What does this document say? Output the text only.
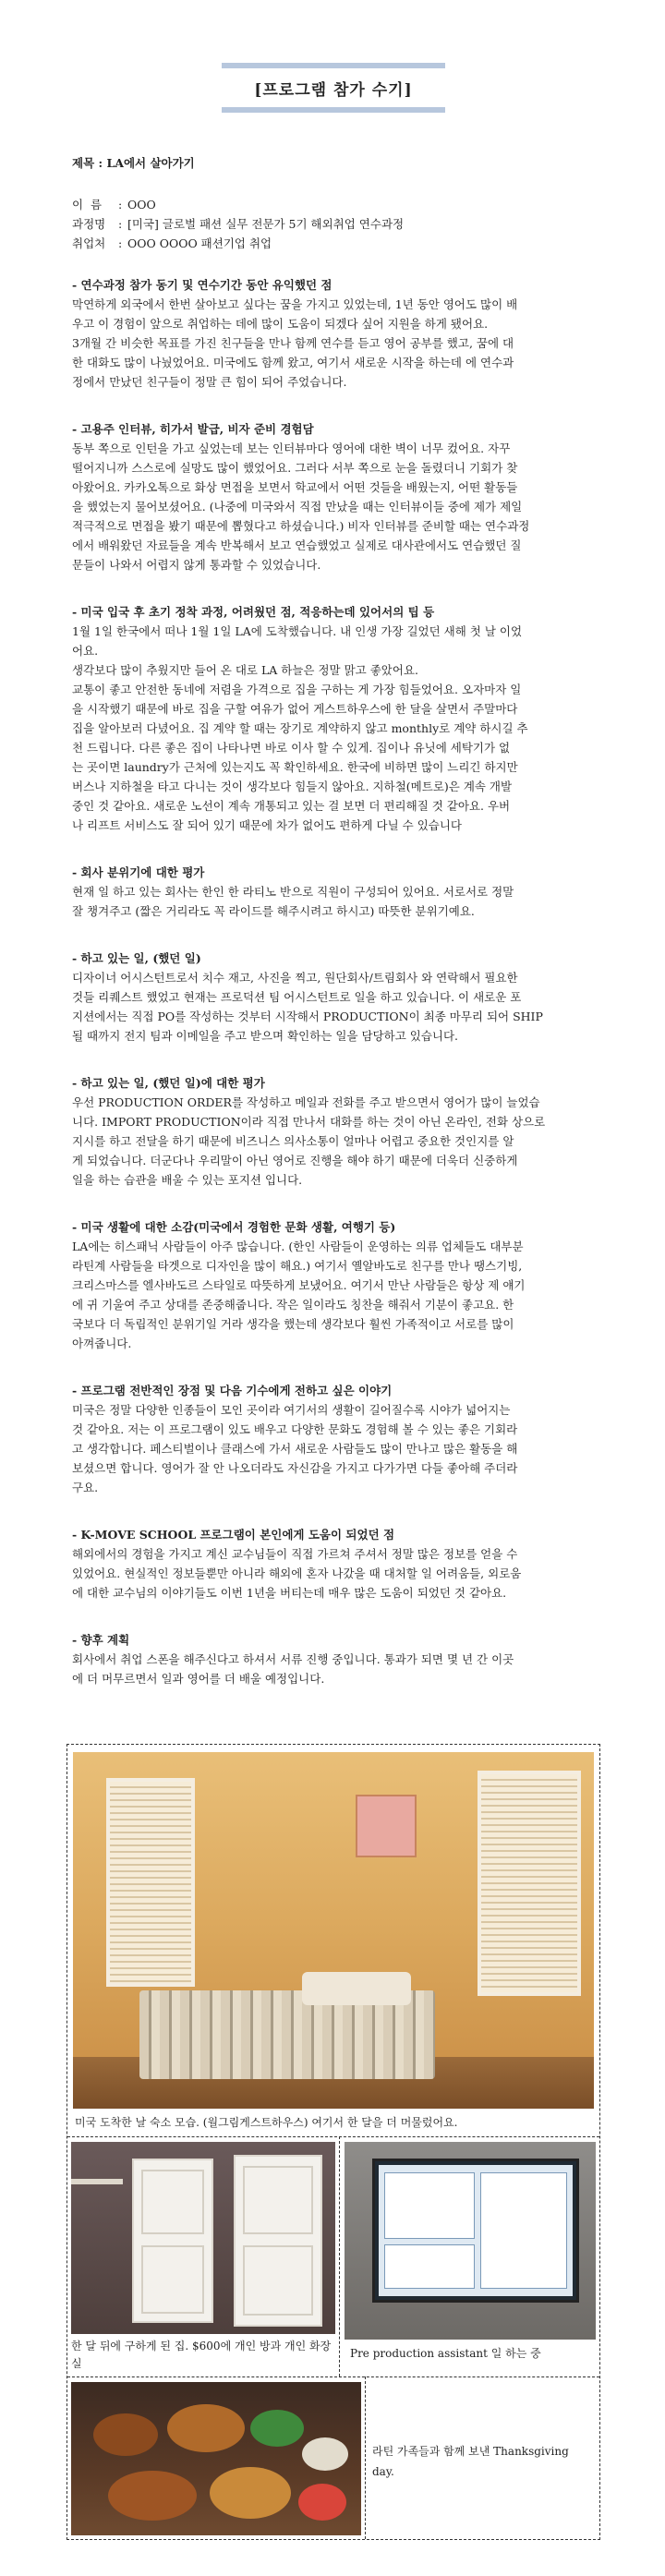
[프로그램 참가 수기]

제목 : LA에서 살아가기

이  름	: OOO
과정명	: [미국] 글로벌 패션 실무 전문가 5기 해외취업 연수과정
취업처	: OOO OOOO 패션기업 취업

- 연수과정 참가 동기 및 연수기간 동안 유익했던 점

막연하게 외국에서 한번 살아보고 싶다는 꿈을 가지고 있었는데, 1년 동안 영어도 많이 배

우고 이 경험이 앞으로 취업하는 데에 많이 도움이 되겠다 싶어 지원을 하게 됐어요.

3개월 간 비슷한 목표를 가진 친구들을 만나 함께 연수를 듣고 영어 공부를 했고, 꿈에 대

한 대화도 많이 나눴었어요. 미국에도 함께 왔고, 여기서 새로운 시작을 하는데 에 연수과

정에서 만났던 친구들이 정말 큰 힘이 되어 주었습니다.

- 고용주 인터뷰, 히가서 발급, 비자 준비 경험담

동부 쪽으로 인턴을 가고 싶었는데 보는 인터뷰마다 영어에 대한 벽이 너무 컸어요. 자꾸

떨어지니까 스스로에 실망도 많이 했었어요. 그러다 서부 쪽으로 눈을 돌렸더니 기회가 찾

아왔어요. 카카오톡으로 화상 면접을 보면서 학교에서 어떤 것들을 배웠는지, 어떤 활동들

을 했었는지 물어보셨어요. (나중에 미국와서 직접 만났을 때는 인터뷰이들 중에 제가 제일

적극적으로 면접을 봤기 때문에 뽑혔다고 하셨습니다.) 비자 인터뷰를 준비할 때는 연수과정

에서 배워왔던 자료들을 계속 반복해서 보고 연습했었고 실제로 대사관에서도 연습했던 질

문들이 나와서 어렵지 않게 통과할 수 있었습니다.

- 미국 입국 후 초기 정착 과정, 어려웠던 점, 적응하는데 있어서의 팁 등

1월 1일 한국에서 떠나 1월 1일 LA에 도착했습니다. 내 인생 가장 길었던 새해 첫 날 이었

어요.

생각보다 많이 추웠지만 들어 온 대로 LA 하늘은 정말 맑고 좋았어요.

교통이 좋고 안전한 동네에 저렴을 가격으로 집을 구하는 게 가장 힘들었어요. 오자마자 일

을 시작했기 때문에 바로 집을 구할 여유가 없어 게스트하우스에 한 달을 살면서 주말마다

집을 알아보러 다녔어요. 집 계약 할 때는 장기로 계약하지 않고 monthly로 계약 하시길 추

천 드립니다. 다른 좋은 집이 나타나면 바로 이사 할 수 있게. 집이나 유닛에 세탁기가 없

는 곳이면 laundry가 근처에 있는지도 꼭 확인하세요. 한국에 비하면 많이 느리긴 하지만

버스나 지하철을 타고 다니는 것이 생각보다 힘들지 않아요. 지하철(메트로)은 계속 개발

중인 것 같아요. 새로운 노선이 계속 개통되고 있는 걸 보면 더 편리해질 것 같아요. 우버

나 리프트 서비스도 잘 되어 있기 때문에 차가 없어도 편하게 다닐 수 있습니다

- 회사 분위기에 대한 평가

현재 일 하고 있는 회사는 한인 한 라티노 반으로 직원이 구성되어 있어요. 서로서로 정말

잘 챙겨주고 (짧은 거리라도 꼭 라이드를 해주시려고 하시고) 따뜻한 분위기예요.

- 하고 있는 일, (했던 일)

디자이너 어시스턴트로서 치수 재고, 사진을 찍고, 원단회사/트림회사 와 연락해서 필요한

것들 리퀘스트 했었고 현재는 프로덕션 팀 어시스턴트로 일을 하고 있습니다. 이 새로운 포

지션에서는 직접 PO를 작성하는 것부터 시작해서 PRODUCTION이 최종 마무리 되어 SHIP

될 때까지 전지 팀과 이메일을 주고 받으며 확인하는 일을 담당하고 있습니다.

- 하고 있는 일, (했던 일)에 대한 평가

우선 PRODUCTION ORDER를 작성하고 메일과 전화를 주고 받으면서 영어가 많이 늘었습

니다. IMPORT PRODUCTION이라 직접 만나서 대화를 하는 것이 아닌 온라인, 전화 상으로

지시를 하고 전달을 하기 때문에 비즈니스 의사소통이 얼마나 어렵고 중요한 것인지를 알

게 되었습니다. 더군다나 우리말이 아닌 영어로 진행을 해야 하기 때문에 더욱더 신중하게

일을 하는 습관을 배울 수 있는 포지션 입니다.

- 미국 생활에 대한 소감(미국에서 경험한 문화 생활, 여행기 등)

LA에는 히스패닉 사람들이 아주 많습니다. (한인 사람들이 운영하는 의류 업체들도 대부분

라틴계 사람들을 타겟으로 디자인을 많이 해요.) 여기서 옐알바도로 친구를 만나 땡스기빙,

크리스마스를 엘사바도르 스타일로 따뜻하게 보냈어요. 여기서 만난 사람들은 항상 제 얘기

에 귀 기울여 주고 상대를 존중해줍니다. 작은 일이라도 칭찬을 해줘서 기분이 좋고요. 한

국보다 더 독립적인 분위기일 거라 생각을 했는데 생각보다 훨씬 가족적이고 서로를 많이

아껴줍니다.

- 프로그램 전반적인 장점 및 다음 기수에게 전하고 싶은 이야기

미국은 정말 다양한 인종들이 모인 곳이라 여기서의 생활이 길어질수록 시야가 넓어지는

것 같아요. 저는 이 프로그램이 있도 배우고 다양한 문화도 경험해 볼 수 있는 좋은 기회라

고 생각합니다. 페스티벌이나 클래스에 가서 새로운 사람들도 많이 만나고 많은 활동을 해

보셨으면 합니다. 영어가 잘 안 나오더라도 자신감을 가지고 다가가면 다들 좋아해 주더라

구요.

- K-MOVE SCHOOL 프로그램이 본인에게 도움이 되었던 점

해외에서의 경험을 가지고 계신 교수님들이 직접 가르쳐 주셔서 정말 많은 정보를 얻을 수

있었어요. 현실적인 정보들뿐만 아니라 해외에 혼자 나갔을 때 대처할 일 어려움들, 외로움

에 대한 교수님의 이야기들도 이번 1년을 버티는데 매우 많은 도움이 되었던 것 같아요.

- 향후 계획

회사에서 취업 스폰을 해주신다고 하셔서 서류 진행 중입니다. 통과가 되면 몇 년 간 이곳

에 더 머무르면서 일과 영어를 더 배울 예정입니다.

미국 도착한 날 숙소 모습. (월그림게스트하우스) 여기서 한 달을 더 머물렀어요.
한 달 뒤에 구하게 된 집. $600에 개인 방과 개인 화장실
Pre production assistant 일 하는 중
라틴 가족들과 함께 보낸 Thanksgiving day.
